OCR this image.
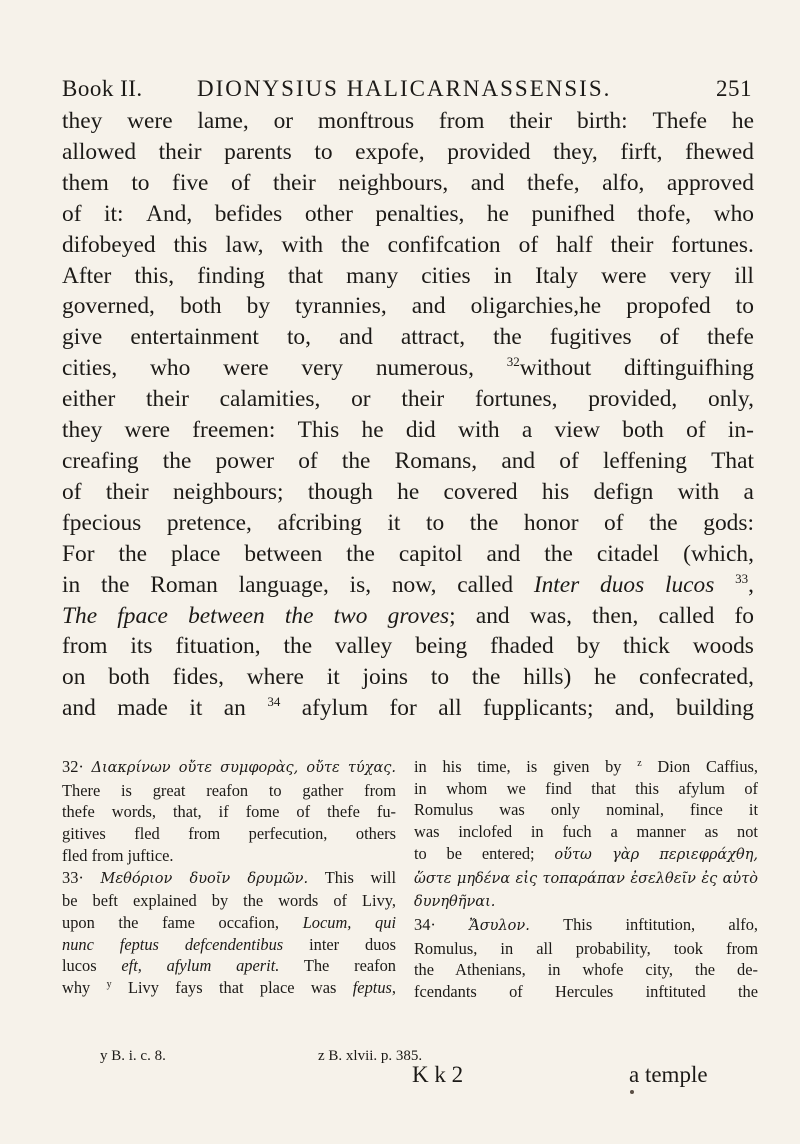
Book II. DIONYSIUS HALICARNASSENSIS.	251
they were lame, or monftrous from their birth: Thefe he
allowed their parents to expofe, provided they, firft, fhewed
them to five of their neighbours, and thefe, alfo, approved
of it: And, befides other penalties, he punifhed thofe, who
difobeyed this law, with the confifcation of half their fortunes.
After this, finding that many cities in Italy were very ill
governed, both by tyrannies, and oligarchies,he propofed to
give entertainment to, and attract, the fugitives of thefe
cities, who were very numerous, $^{32}$without diftinguifhing
either their calamities, or their fortunes, provided, only,
they were freemen: This he did with a view both of in-
creafing the power of the Romans, and of leffening That
of their neighbours; though he covered his defign with a
fpecious pretence, afcribing it to the honor of the gods:
For the place between the capitol and the citadel (which,
in the Roman language, is, now, called Inter duos lucos $^{33}$,
The fpace between the two groves; and was, then, called fo
from its fituation, the valley being fhaded by thick woods
on both fides, where it joins to the hills) he confecrated,
and made it an $^{34}$ afylum for all fupplicants; and, building
32· Διακρίνων οὔτε συμφορὰς, οὔτε τύχας.
There is great reafon to gather from
thefe words, that, if fome of thefe fu-
gitives fled from perfecution, others
fled from juftice.
33· Μεθόριον δυοῖν δρυμῶν. This will
be beft explained by the words of Livy,
upon the fame occafion, Locum, qui
nunc feptus defcendentibus inter duos
lucos eft, afylum aperit. The reafon
why $^y$ Livy fays that place was feptus,
in his time, is given by $^z$ Dion Caffius,
in whom we find that this afylum of
Romulus was only nominal, fince it
was inclofed in fuch a manner as not
to be entered; οὕτω γὰρ περιεφράχθη,
ὥστε μηδένα εἰς τοπαράπαν ἐσελθεῖν ἐς αὐτὸ
δυνηθῆναι.
34· Ἄσυλον. This inftitution, alfo,
Romulus, in all probability, took from
the Athenians, in whofe city, the de-
fcendants of Hercules inftituted the
y B. i. c. 8.	z B. xlvii. p. 385.
K k 2	a temple
